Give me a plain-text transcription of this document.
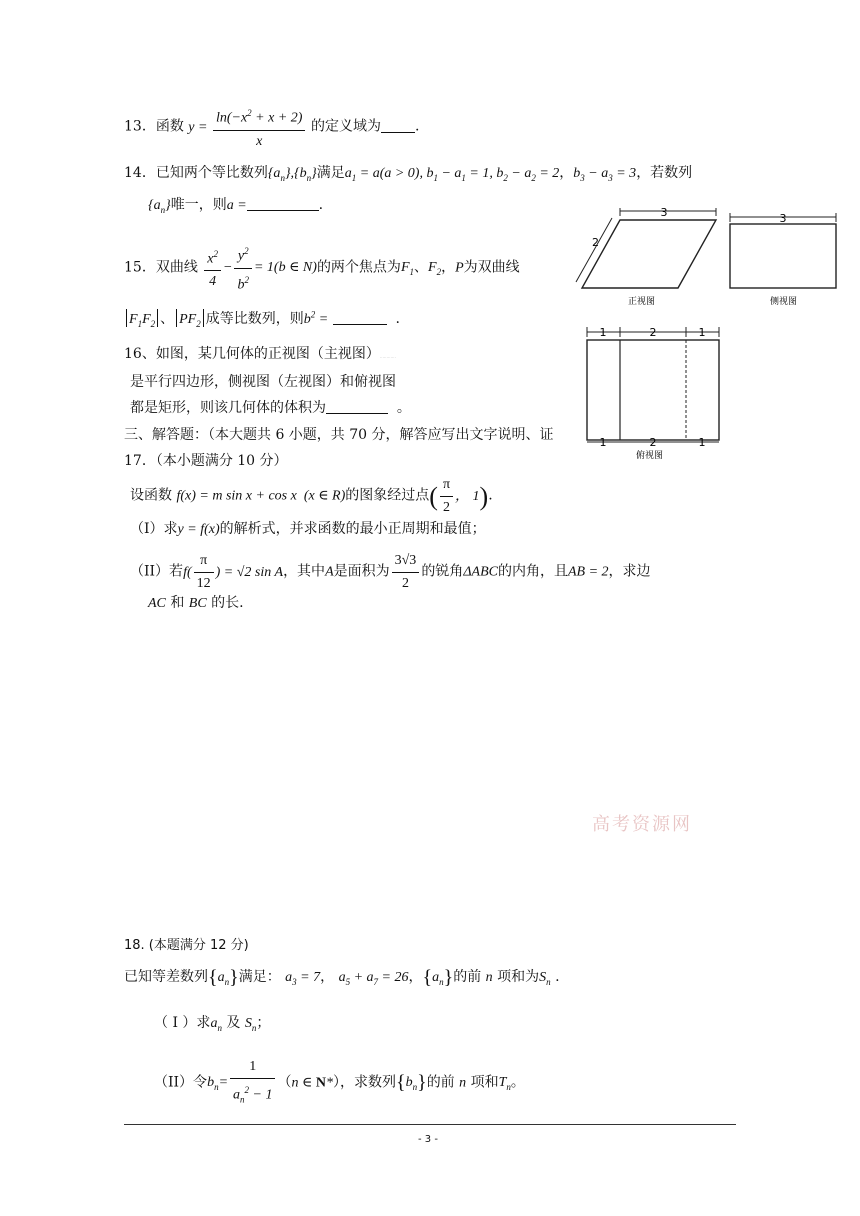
13．函数 $y = \frac{\ln(-x^2 + x + 2)}{x}$ 的定义域为 .
14．已知两个等比数列$\{a_n\},\{b_n\}$满足$a_1 = a(a > 0)$, $b_1 - a_1 = 1$, $b_2 - a_2 = 2$，$b_3 - a_3 = 3$，若数列
$\{a_n\}$唯一，则a =	.
15．双曲线 $\frac{x^2}{4} - \frac{y^2}{b^2} = 1(b$ ∈ N)的两个焦点为$F_1$、$F_2$，P为双曲线
$F_1F_2$ 、 $PF_2$ 成等比数列，则$b^2$ =	.
16、如图，某几何体的正视图（主视图）…………
是平行四边形，侧视图（左视图）和俯视图
都是矩形，则该几何体的体积为	。
三、解答题：（本大题共 6 小题，共 70 分，解答应写出文字说明、证
17．（本小题满分 10 分）
设函数 f(x) = m sin x + cos x  (x ∈ R)的图象经过点( $\frac{\pi}{2}$ ， 1).
（I）求y = f(x)的解析式，并求函数的最小正周期和最值；
（II）若$f( \frac{\pi}{12}$ ) = √2 sin A，其中A是面积为 $\frac{3√3}{2}$ 的锐角ΔABC的内角，且AB = 2，求边
AC 和 BC 的长.
高考资源网
18. (本题满分 12 分)
已知等差数列$\{a_n\}$满足： $a_3 = 7$， $a_5 + a_7 = 26$，$\{a_n\}$的前 n 项和为$S_n$ .
（ I ）求$a_n$ 及 $S_n$；
（II）令$b_n= \frac{1}{a_n^2 - 1} (n$ ∈ N*），求数列$\{b_n\}$的前 n 项和$T_n$。
- 3 -
3
2
正视图
3
侧视图
1	2	1
1	2	1
俯视图
